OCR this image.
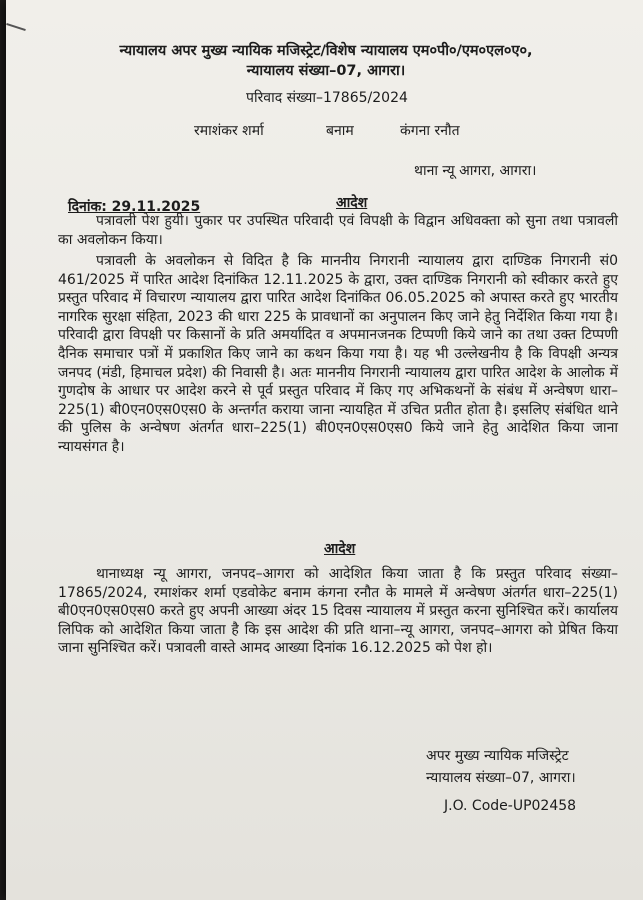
न्यायालय अपर मुख्य न्यायिक मजिस्ट्रेट/विशेष न्यायालय एम०पी०/एम०एल०ए०,
न्यायालय संख्या–07, आगरा।
परिवाद संख्या–17865/2024
रमाशंकर शर्मा	बनाम	कंगना रनौत
थाना न्यू आगरा, आगरा।
दिनांक: 29.11.2025	आदेश
पत्रावली पेश हुयी। पुकार पर उपस्थित परिवादी एवं विपक्षी के विद्वान अधिवक्ता को सुना तथा पत्रावली का अवलोकन किया।
पत्रावली के अवलोकन से विदित है कि माननीय निगरानी न्यायालय द्वारा दाण्डिक निगरानी सं0 461/2025 में पारित आदेश दिनांकित 12.11.2025 के द्वारा, उक्त दाण्डिक निगरानी को स्वीकार करते हुए प्रस्तुत परिवाद में विचारण न्यायालय द्वारा पारित आदेश दिनांकित 06.05.2025 को अपास्त करते हुए भारतीय नागरिक सुरक्षा संहिता, 2023 की धारा 225 के प्रावधानों का अनुपालन किए जाने हेतु निर्देशित किया गया है। परिवादी द्वारा विपक्षी पर किसानों के प्रति अमर्यादित व अपमानजनक टिप्पणी किये जाने का तथा उक्त टिप्पणी दैनिक समाचार पत्रों में प्रकाशित किए जाने का कथन किया गया है। यह भी उल्लेखनीय है कि विपक्षी अन्यत्र जनपद (मंडी, हिमाचल प्रदेश) की निवासी है। अतः माननीय निगरानी न्यायालय द्वारा पारित आदेश के आलोक में गुणदोष के आधार पर आदेश करने से पूर्व प्रस्तुत परिवाद में किए गए अभिकथनों के संबंध में अन्वेषण धारा–225(1) बी0एन0एस0एस0 के अन्तर्गत कराया जाना न्यायहित में उचित प्रतीत होता है। इसलिए संबंधित थाने की पुलिस के अन्वेषण अंतर्गत धारा–225(1) बी0एन0एस0एस0 किये जाने हेतु आदेशित किया जाना न्यायसंगत है।
आदेश
थानाध्यक्ष न्यू आगरा, जनपद–आगरा को आदेशित किया जाता है कि प्रस्तुत परिवाद संख्या–17865/2024, रमाशंकर शर्मा एडवोकेट बनाम कंगना रनौत के मामले में अन्वेषण अंतर्गत धारा–225(1) बी0एन0एस0एस0 करते हुए अपनी आख्या अंदर 15 दिवस न्यायालय में प्रस्तुत करना सुनिश्चित करें। कार्यालय लिपिक को आदेशित किया जाता है कि इस आदेश की प्रति थाना–न्यू आगरा, जनपद–आगरा को प्रेषित किया जाना सुनिश्चित करें। पत्रावली वास्ते आमद आख्या दिनांक 16.12.2025 को पेश हो।
अपर मुख्य न्यायिक मजिस्ट्रेट
न्यायालय संख्या–07, आगरा।
J.O. Code-UP02458
